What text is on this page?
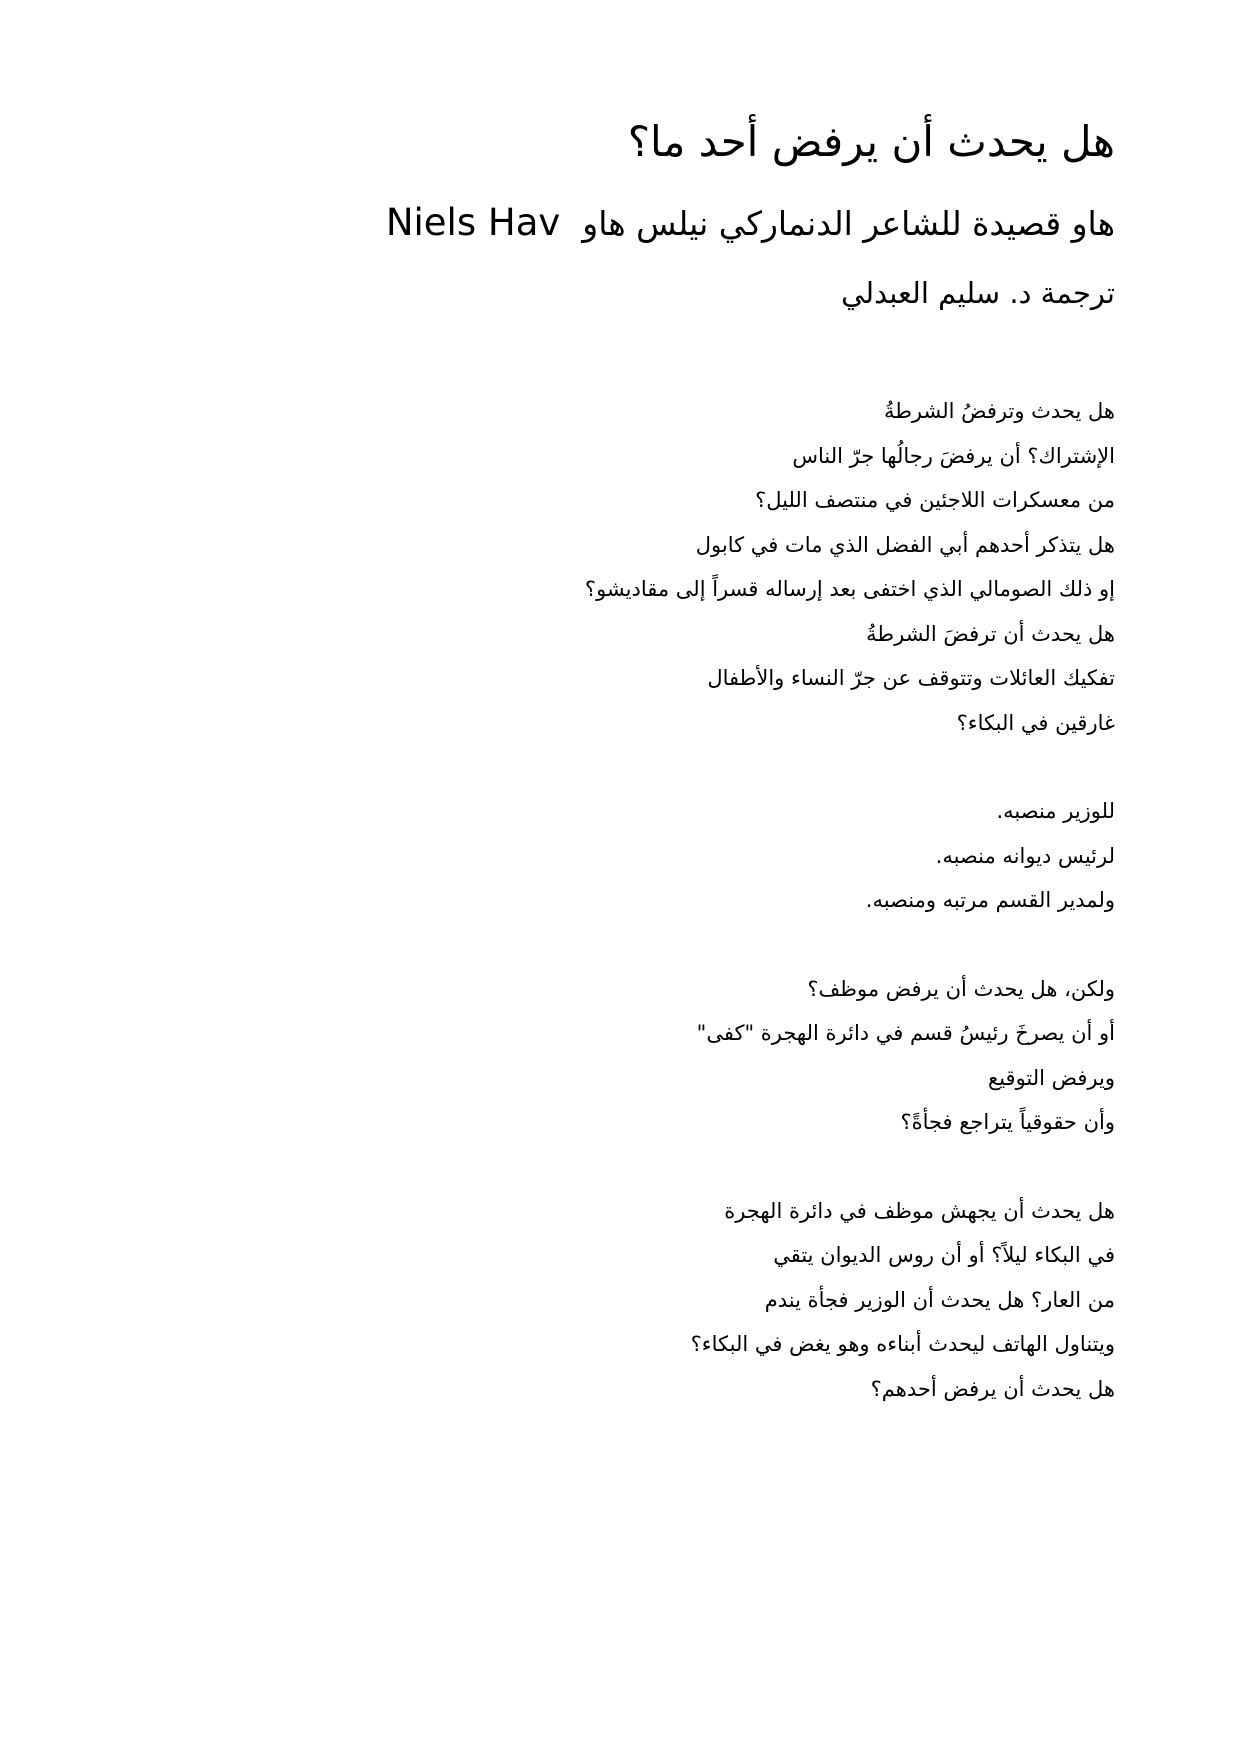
هل يحدث أن يرفض أحد ما؟
هاو قصيدة للشاعر الدنماركي نيلس هاوNiels Hav
ترجمة د. سليم العبدلي
هل يحدث وترفضُ الشرطةُ
الإشتراك؟ أن يرفضَ رجالُها جرّ الناس
من معسكرات اللاجئين في منتصف الليل؟
هل يتذكر أحدهم أبي الفضل الذي مات في كابول
إو ذلك الصومالي الذي اختفى بعد إرساله قسراً إلى مقاديشو؟
هل يحدث أن ترفضَ الشرطةُ
تفكيك العائلات وتتوقف عن جرّ النساء والأطفال
غارقين في البكاء؟
للوزير منصبه.
لرئيس ديوانه منصبه.
ولمدير القسم مرتبه ومنصبه.
ولكن، هل يحدث أن يرفض موظف؟
أو أن يصرخَ رئيسُ قسم في دائرة الهجرة "كفى"
ويرفض التوقيع
وأن حقوقياً يتراجع فجأةً؟
هل يحدث أن يجهش موظف في دائرة الهجرة
في البكاء ليلاً؟ أو أن روس الديوان يتقي
من العار؟ هل يحدث أن الوزير فجأة يندم
ويتناول الهاتف ليحدث أبناءه وهو يغض في البكاء؟
هل يحدث أن يرفض أحدهم؟
